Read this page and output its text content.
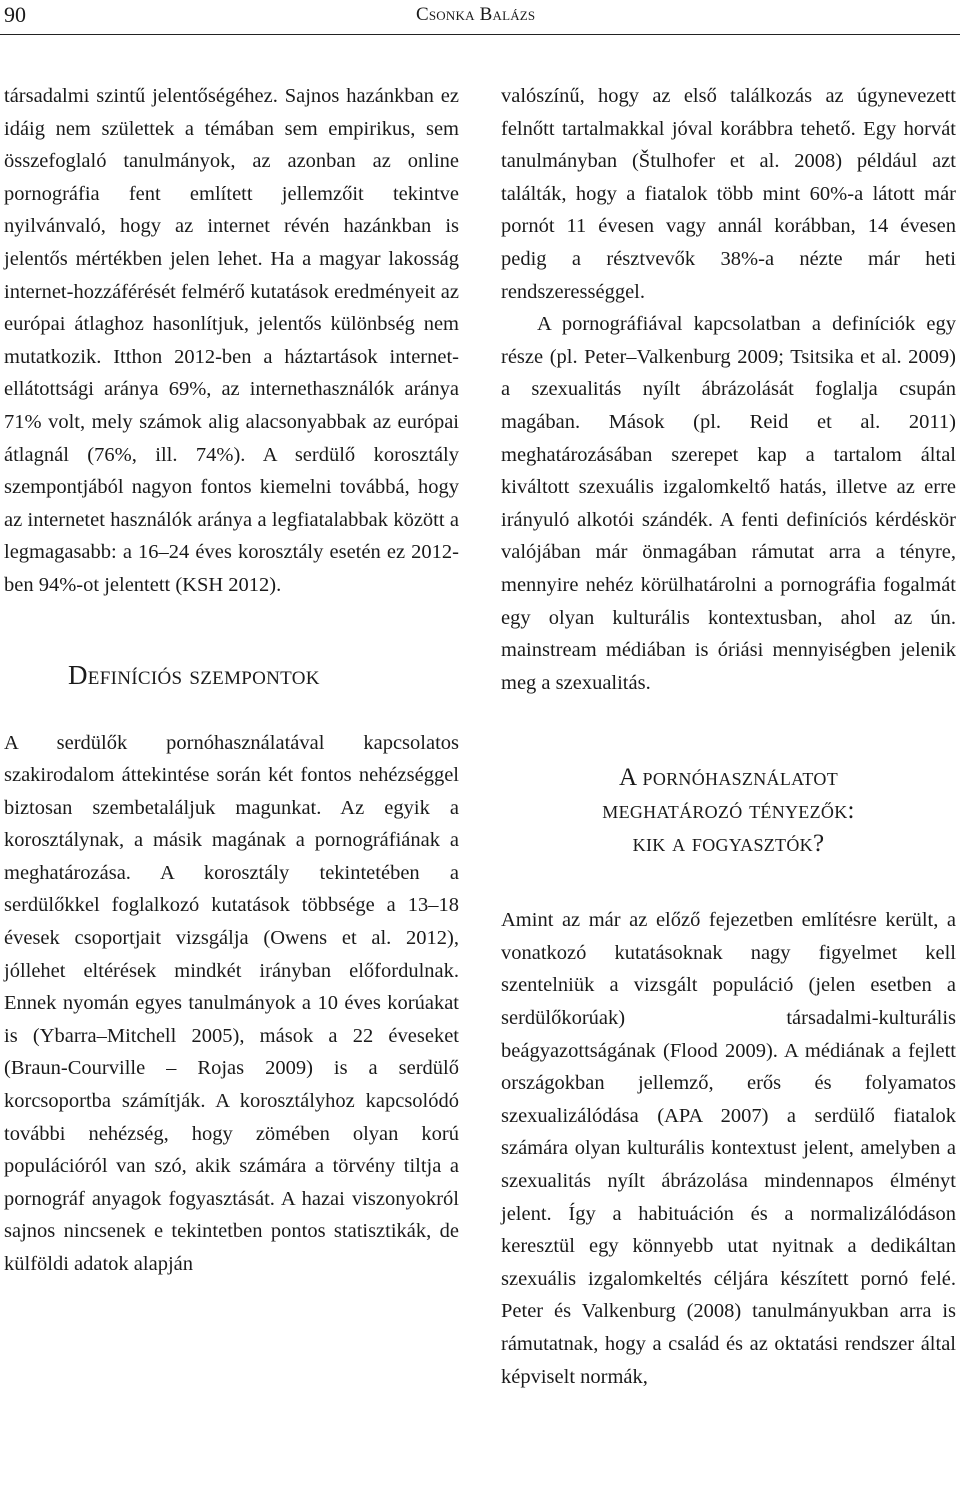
90	Csonka Balázs

társadalmi szintű jelentőségéhez. Sajnos hazánkban ez idáig nem születtek a témában sem empirikus, sem összefoglaló tanulmányok, az azonban az online pornográfia fent említett jellemzőit tekintve nyilvánvaló, hogy az internet révén hazánkban is jelentős mértékben jelen lehet. Ha a magyar lakosság internet-hozzáférését felmérő kutatások eredményeit az európai átlaghoz hasonlítjuk, jelentős különbség nem mutatkozik. Itthon 2012-ben a háztartások internet-ellátottsági aránya 69%, az internethasználók aránya 71% volt, mely számok alig alacsonyabbak az európai átlagnál (76%, ill. 74%). A serdülő korosztály szempontjából nagyon fontos kiemelni továbbá, hogy az internetet használók aránya a legfiatalabbak között a legmagasabb: a 16–24 éves korosztály esetén ez 2012-ben 94%-ot jelentett (KSH 2012).

Definíciós szempontok

A serdülők pornóhasználatával kapcsolatos szakirodalom áttekintése során két fontos nehézséggel biztosan szembetaláljuk magunkat. Az egyik a korosztálynak, a másik magának a pornográfiának a meghatározása. A korosztály tekintetében a serdülőkkel foglalkozó kutatások többsége a 13–18 évesek csoportjait vizsgálja (Owens et al. 2012), jóllehet eltérések mindkét irányban előfordulnak. Ennek nyomán egyes tanulmányok a 10 éves korúakat is (Ybarra–Mitchell 2005), mások a 22 éveseket (Braun-Courville – Rojas 2009) is a serdülő korcsoportba számítják. A korosztályhoz kapcsolódó további nehézség, hogy zömében olyan korú populációról van szó, akik számára a törvény tiltja a pornográf anyagok fogyasztását. A hazai viszonyokról sajnos nincsenek e tekintetben pontos statisztikák, de külföldi adatok alapján

valószínű, hogy az első találkozás az úgynevezett felnőtt tartalmakkal jóval korábbra tehető. Egy horvát tanulmányban (Štulhofer et al. 2008) például azt találták, hogy a fiatalok több mint 60%-a látott már pornót 11 évesen vagy annál korábban, 14 évesen pedig a résztvevők 38%-a nézte már heti rendszerességgel.

A pornográfiával kapcsolatban a definíciók egy része (pl. Peter–Valkenburg 2009; Tsitsika et al. 2009) a szexualitás nyílt ábrázolását foglalja csupán magában. Mások (pl. Reid et al. 2011) meghatározásában szerepet kap a tartalom által kiváltott szexuális izgalomkeltő hatás, illetve az erre irányuló alkotói szándék. A fenti definíciós kérdéskör valójában már önmagában rámutat arra a tényre, mennyire nehéz körülhatárolni a pornográfia fogalmát egy olyan kulturális kontextusban, ahol az ún. mainstream médiában is óriási mennyiségben jelenik meg a szexualitás.

A pornóhasználatot
meghatározó tényezők:
kik a fogyasztók?

Amint az már az előző fejezetben említésre került, a vonatkozó kutatásoknak nagy figyelmet kell szentelniük a vizsgált populáció (jelen esetben a serdülőkorúak) társadalmi-kulturális beágyazottságának (Flood 2009). A médiának a fejlett országokban jellemző, erős és folyamatos szexualizálódása (APA 2007) a serdülő fiatalok számára olyan kulturális kontextust jelent, amelyben a szexualitás nyílt ábrázolása mindennapos élményt jelent. Így a habituáción és a normalizálódáson keresztül egy könnyebb utat nyitnak a dedikáltan szexuális izgalomkeltés céljára készített pornó felé. Peter és Valkenburg (2008) tanulmányukban arra is rámutatnak, hogy a család és az oktatási rendszer által képviselt normák,
